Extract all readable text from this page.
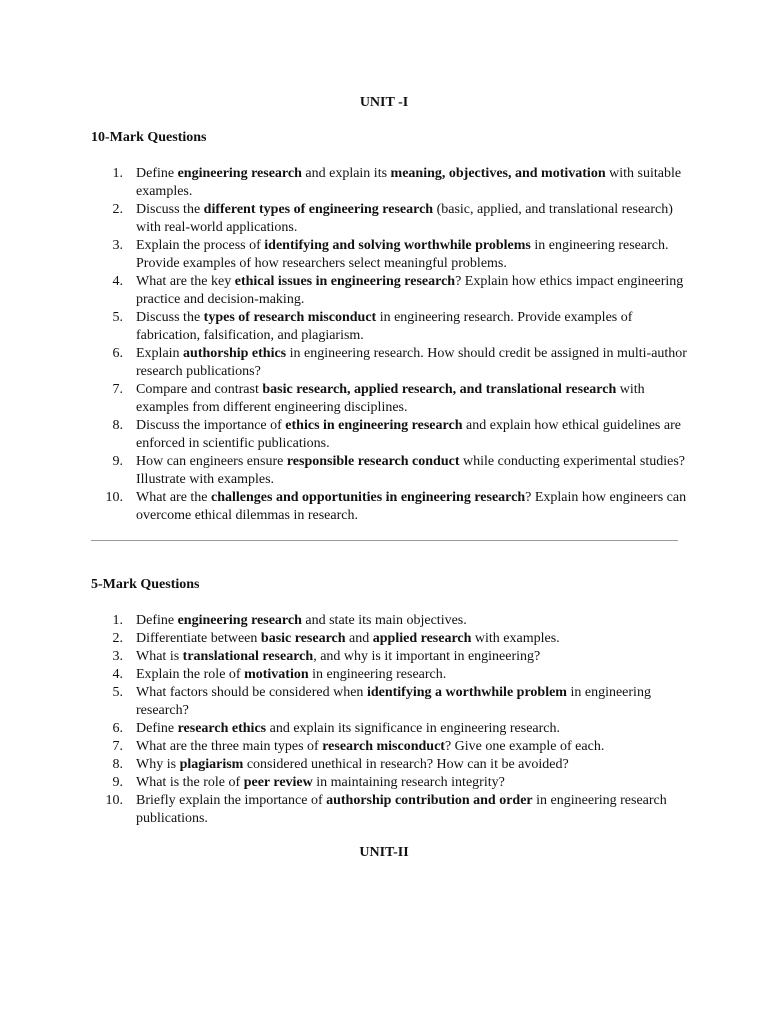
UNIT -I
10-Mark Questions
1. Define engineering research and explain its meaning, objectives, and motivation with suitable examples.
2. Discuss the different types of engineering research (basic, applied, and translational research) with real-world applications.
3. Explain the process of identifying and solving worthwhile problems in engineering research. Provide examples of how researchers select meaningful problems.
4. What are the key ethical issues in engineering research? Explain how ethics impact engineering practice and decision-making.
5. Discuss the types of research misconduct in engineering research. Provide examples of fabrication, falsification, and plagiarism.
6. Explain authorship ethics in engineering research. How should credit be assigned in multi-author research publications?
7. Compare and contrast basic research, applied research, and translational research with examples from different engineering disciplines.
8. Discuss the importance of ethics in engineering research and explain how ethical guidelines are enforced in scientific publications.
9. How can engineers ensure responsible research conduct while conducting experimental studies? Illustrate with examples.
10. What are the challenges and opportunities in engineering research? Explain how engineers can overcome ethical dilemmas in research.
5-Mark Questions
1. Define engineering research and state its main objectives.
2. Differentiate between basic research and applied research with examples.
3. What is translational research, and why is it important in engineering?
4. Explain the role of motivation in engineering research.
5. What factors should be considered when identifying a worthwhile problem in engineering research?
6. Define research ethics and explain its significance in engineering research.
7. What are the three main types of research misconduct? Give one example of each.
8. Why is plagiarism considered unethical in research? How can it be avoided?
9. What is the role of peer review in maintaining research integrity?
10. Briefly explain the importance of authorship contribution and order in engineering research publications.
UNIT-II
